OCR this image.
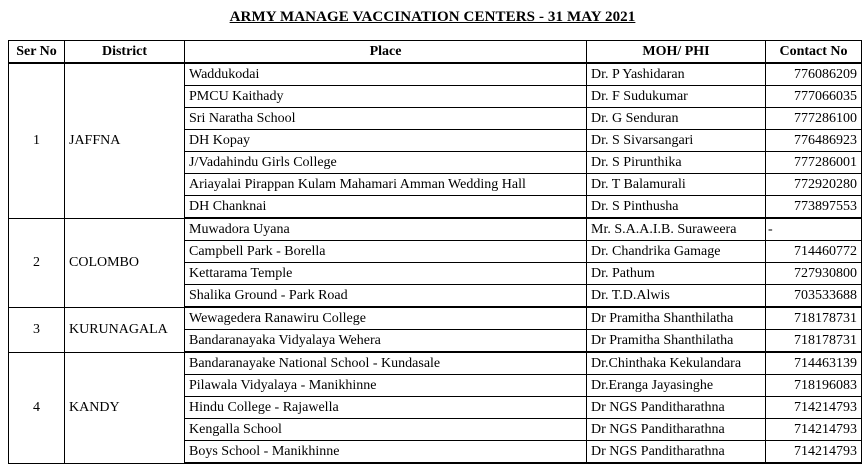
ARMY MANAGE VACCINATION CENTERS - 31 MAY 2021
Ser No	District	Place	MOH/ PHI	Contact No
1	JAFFNA	Waddukodai	Dr. P Yashidaran	776086209
		PMCU Kaithady	Dr. F Sudukumar	777066035
		Sri Naratha School	Dr. G Senduran	777286100
		DH Kopay	Dr. S Sivarsangari	776486923
		J/Vadahindu Girls College	Dr. S Pirunthika	777286001
		Ariayalai Pirappan Kulam Mahamari Amman Wedding Hall	Dr. T Balamurali	772920280
		DH Chanknai	Dr. S Pinthusha	773897553
2	COLOMBO	Muwadora Uyana	Mr. S.A.A.I.B. Suraweera	-
		Campbell Park - Borella	Dr. Chandrika Gamage	714460772
		Kettarama Temple	Dr. Pathum	727930800
		Shalika Ground - Park Road	Dr. T.D.Alwis	703533688
3	KURUNAGALA	Wewagedera Ranawiru College	Dr Pramitha Shanthilatha	718178731
		Bandaranayaka Vidyalaya Wehera	Dr Pramitha Shanthilatha	718178731
4	KANDY	Bandaranayake National School - Kundasale	Dr.Chinthaka Kekulandara	714463139
		Pilawala Vidyalaya - Manikhinne	Dr.Eranga Jayasinghe	718196083
		Hindu College - Rajawella	Dr NGS Panditharathna	714214793
		Kengalla School	Dr NGS Panditharathna	714214793
		Boys School - Manikhinne	Dr NGS Panditharathna	714214793
